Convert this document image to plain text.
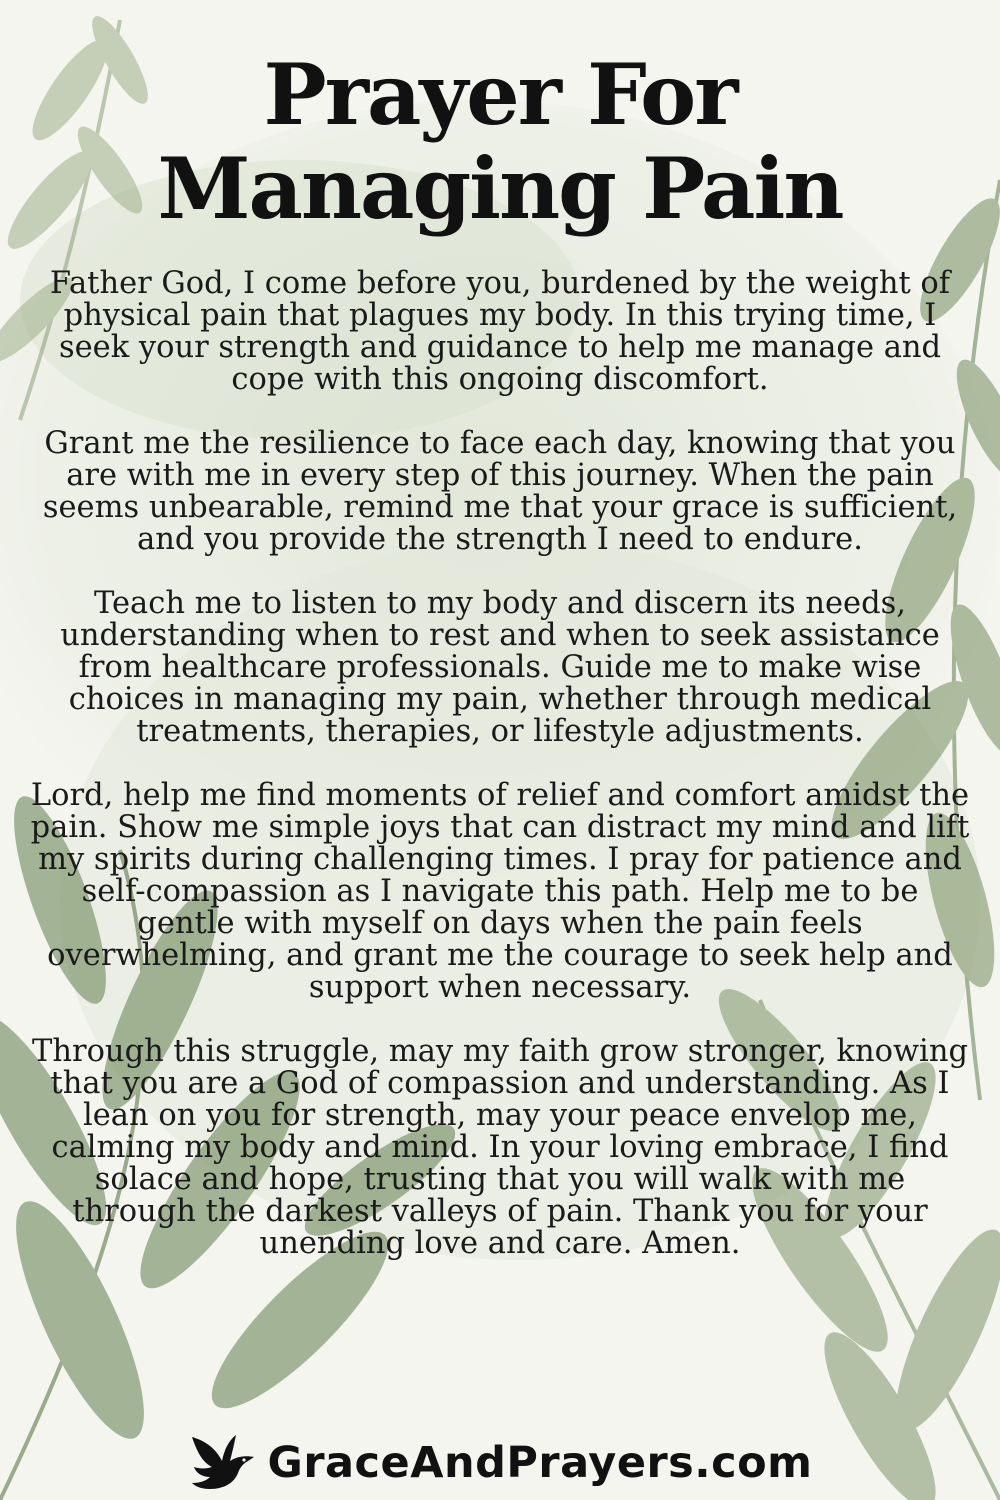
Prayer For
Managing Pain

Father God, I come before you, burdened by the weight of physical pain that plagues my body. In this trying time, I seek your strength and guidance to help me manage and cope with this ongoing discomfort.

Grant me the resilience to face each day, knowing that you are with me in every step of this journey. When the pain seems unbearable, remind me that your grace is sufficient, and you provide the strength I need to endure.

Teach me to listen to my body and discern its needs, understanding when to rest and when to seek assistance from healthcare professionals. Guide me to make wise choices in managing my pain, whether through medical treatments, therapies, or lifestyle adjustments.

Lord, help me find moments of relief and comfort amidst the pain. Show me simple joys that can distract my mind and lift my spirits during challenging times. I pray for patience and self-compassion as I navigate this path. Help me to be gentle with myself on days when the pain feels overwhelming, and grant me the courage to seek help and support when necessary.

Through this struggle, may my faith grow stronger, knowing that you are a God of compassion and understanding. As I lean on you for strength, may your peace envelop me, calming my body and mind. In your loving embrace, I find solace and hope, trusting that you will walk with me through the darkest valleys of pain. Thank you for your unending love and care. Amen.

GraceAndPrayers.com
